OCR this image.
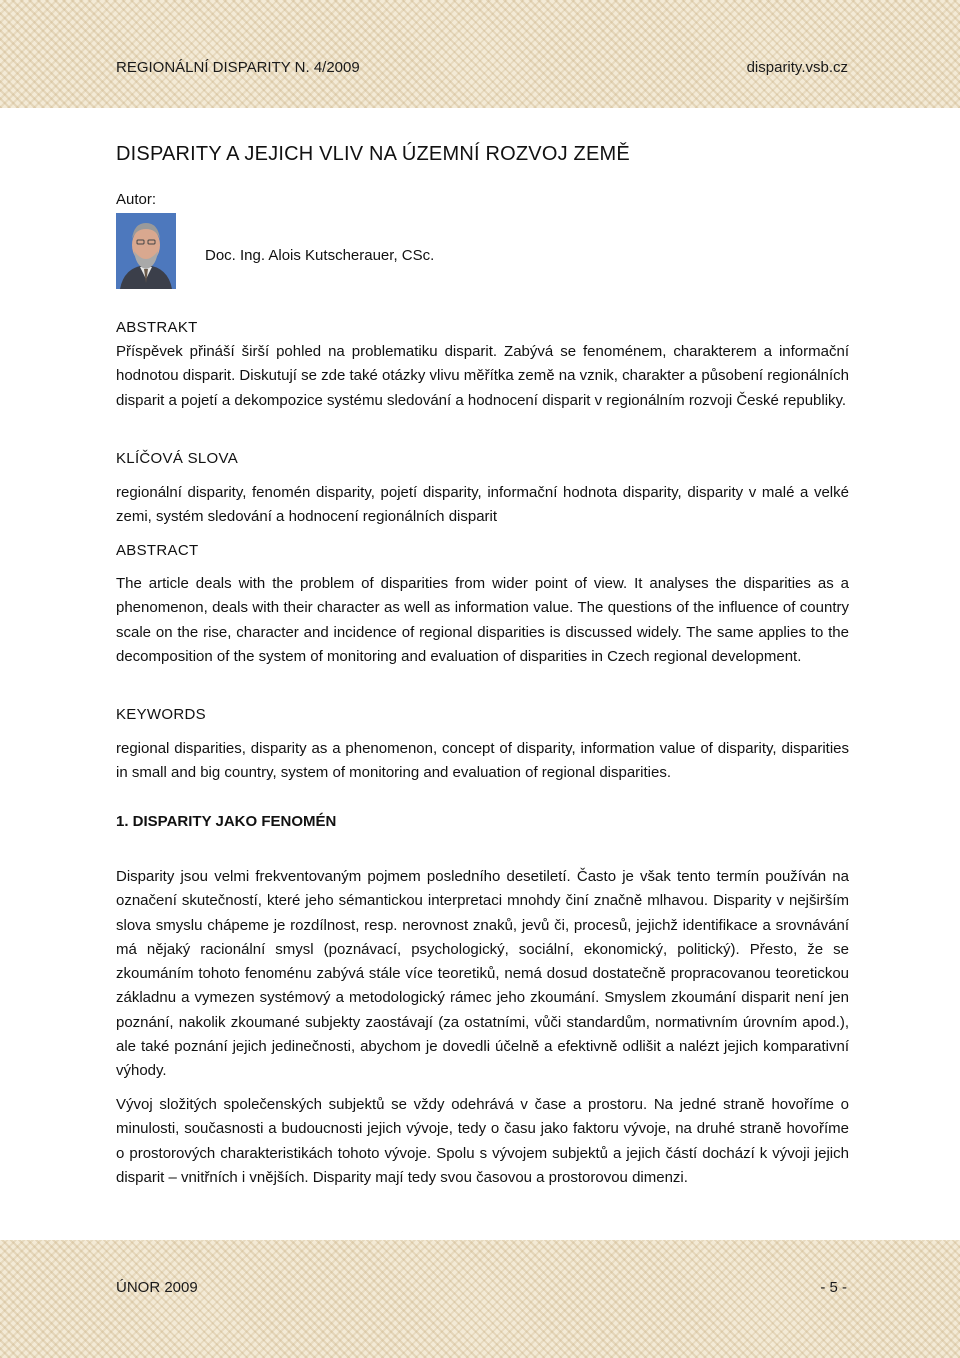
REGIONÁLNÍ DISPARITY N. 4/2009	disparity.vsb.cz
DISPARITY A JEJICH VLIV NA ÚZEMNÍ ROZVOJ ZEMĚ
Autor:
Doc. Ing. Alois Kutscherauer, CSc.
ABSTRAKT

Příspěvek přináší širší pohled na problematiku disparit. Zabývá se fenoménem, charakterem a informační hodnotou disparit. Diskutují se zde také otázky vlivu měřítka země na vznik, charakter a působení regionálních disparit a pojetí a dekompozice systému sledování a hodnocení disparit v regionálním rozvoji České republiky.

KLÍČOVÁ SLOVA

regionální disparity, fenomén disparity, pojetí disparity, informační hodnota disparity, disparity v malé a velké zemi, systém sledování a hodnocení regionálních disparit

ABSTRACT

The article deals with the problem of disparities from wider point of view. It analyses the disparities as a phenomenon, deals with their character as well as information value. The questions of the influence of country scale on the rise, character and incidence of regional disparities is discussed widely. The same applies to the decomposition of the system of monitoring and evaluation of disparities in Czech regional development.

KEYWORDS

regional disparities, disparity as a phenomenon, concept of disparity, information value of disparity, disparities in small and big country, system of monitoring and evaluation of regional disparities.

1. DISPARITY JAKO FENOMÉN

Disparity jsou velmi frekventovaným pojmem posledního desetiletí. Často je však tento termín používán na označení skutečností, které jeho sémantickou interpretaci mnohdy činí značně mlhavou. Disparity v nejširším slova smyslu chápeme je rozdílnost, resp. nerovnost znaků, jevů či, procesů, jejichž identifikace a srovnávání má nějaký racionální smysl (poznávací, psychologický, sociální, ekonomický, politický). Přesto, že se zkoumáním tohoto fenoménu zabývá stále více teoretiků, nemá dosud dostatečně propracovanou teoretickou základnu a vymezen systémový a metodologický rámec jeho zkoumání. Smyslem zkoumání disparit není jen poznání, nakolik zkoumané subjekty zaostávají (za ostatními, vůči standardům, normativním úrovním apod.), ale také poznání jejich jedinečnosti, abychom je dovedli účelně a efektivně odlišit a nalézt jejich komparativní výhody.

Vývoj složitých společenských subjektů se vždy odehrává v čase a prostoru. Na jedné straně hovoříme o minulosti, současnosti a budoucnosti jejich vývoje, tedy o času jako faktoru vývoje, na druhé straně hovoříme o prostorových charakteristikách tohoto vývoje. Spolu s vývojem subjektů a jejich částí dochází k vývoji jejich disparit – vnitřních i vnějších. Disparity mají tedy svou časovou a prostorovou dimenzi.

ÚNOR 2009	- 5 -
